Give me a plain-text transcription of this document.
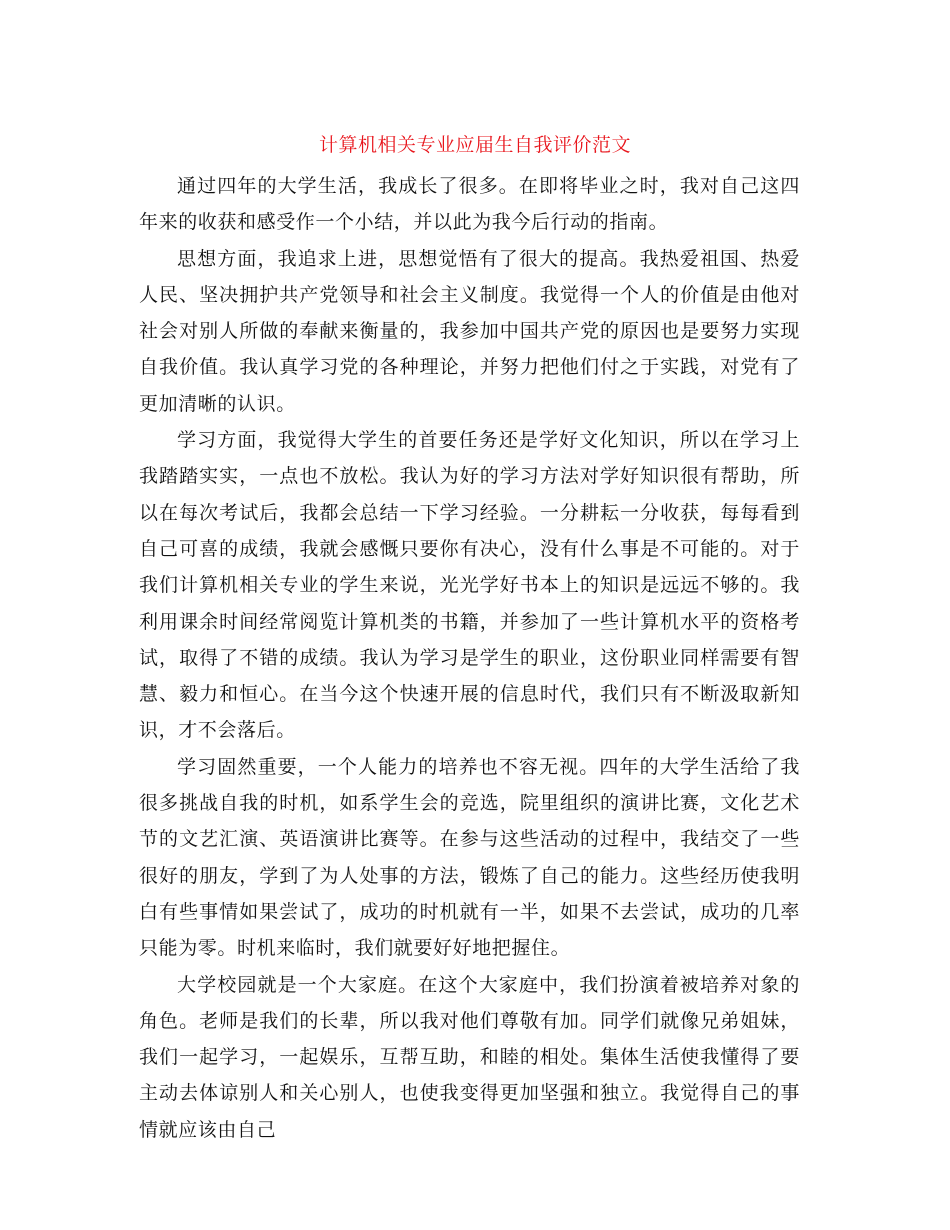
计算机相关专业应届生自我评价范文

通过四年的大学生活，我成长了很多。在即将毕业之时，我对自己这四年来的收获和感受作一个小结，并以此为我今后行动的指南。

思想方面，我追求上进，思想觉悟有了很大的提高。我热爱祖国、热爱人民、坚决拥护共产党领导和社会主义制度。我觉得一个人的价值是由他对社会对别人所做的奉献来衡量的，我参加中国共产党的原因也是要努力实现自我价值。我认真学习党的各种理论，并努力把他们付之于实践，对党有了更加清晰的认识。

学习方面，我觉得大学生的首要任务还是学好文化知识，所以在学习上我踏踏实实，一点也不放松。我认为好的学习方法对学好知识很有帮助，所以在每次考试后，我都会总结一下学习经验。一分耕耘一分收获，每每看到自己可喜的成绩，我就会感慨只要你有决心，没有什么事是不可能的。对于我们计算机相关专业的学生来说，光光学好书本上的知识是远远不够的。我利用课余时间经常阅览计算机类的书籍，并参加了一些计算机水平的资格考试，取得了不错的成绩。我认为学习是学生的职业，这份职业同样需要有智慧、毅力和恒心。在当今这个快速开展的信息时代，我们只有不断汲取新知识，才不会落后。

学习固然重要，一个人能力的培养也不容无视。四年的大学生活给了我很多挑战自我的时机，如系学生会的竞选，院里组织的演讲比赛，文化艺术节的文艺汇演、英语演讲比赛等。在参与这些活动的过程中，我结交了一些很好的朋友，学到了为人处事的方法，锻炼了自己的能力。这些经历使我明白有些事情如果尝试了，成功的时机就有一半，如果不去尝试，成功的几率只能为零。时机来临时，我们就要好好地把握住。

大学校园就是一个大家庭。在这个大家庭中，我们扮演着被培养对象的角色。老师是我们的长辈，所以我对他们尊敬有加。同学们就像兄弟姐妹，我们一起学习，一起娱乐，互帮互助，和睦的相处。集体生活使我懂得了要主动去体谅别人和关心别人，也使我变得更加坚强和独立。我觉得自己的事情就应该由自己
